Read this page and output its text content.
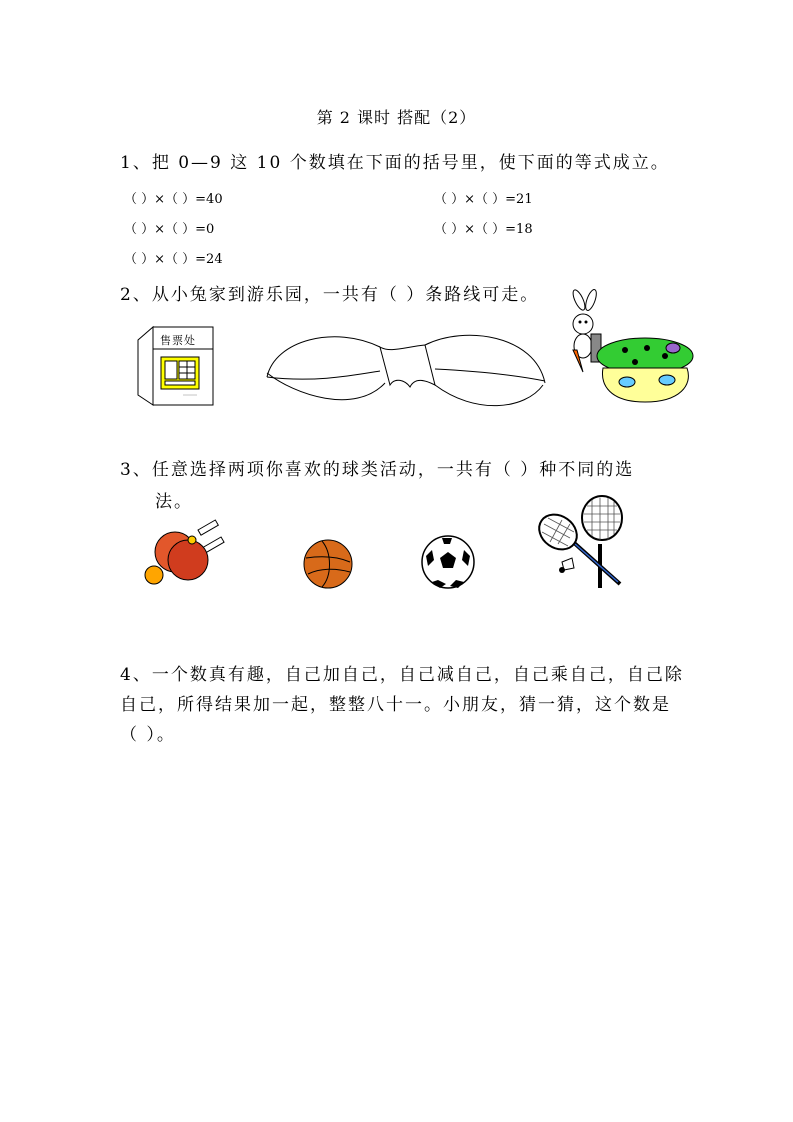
第 2 课时 搭配（2）
1、把 0—9 这 10 个数填在下面的括号里，使下面的等式成立。
（ ）×（ ）=40	（ ）×（ ）=21
（ ）×（ ）=0	（ ）×（ ）=18
（ ）×（ ）=24
2、从小兔家到游乐园，一共有（ ）条路线可走。
售票处
3、任意选择两项你喜欢的球类活动，一共有（ ）种不同的选
法。
4、一个数真有趣，自己加自己，自己减自己，自己乘自己，自己除
自己，所得结果加一起，整整八十一。小朋友，猜一猜，这个数是
（ ）。
